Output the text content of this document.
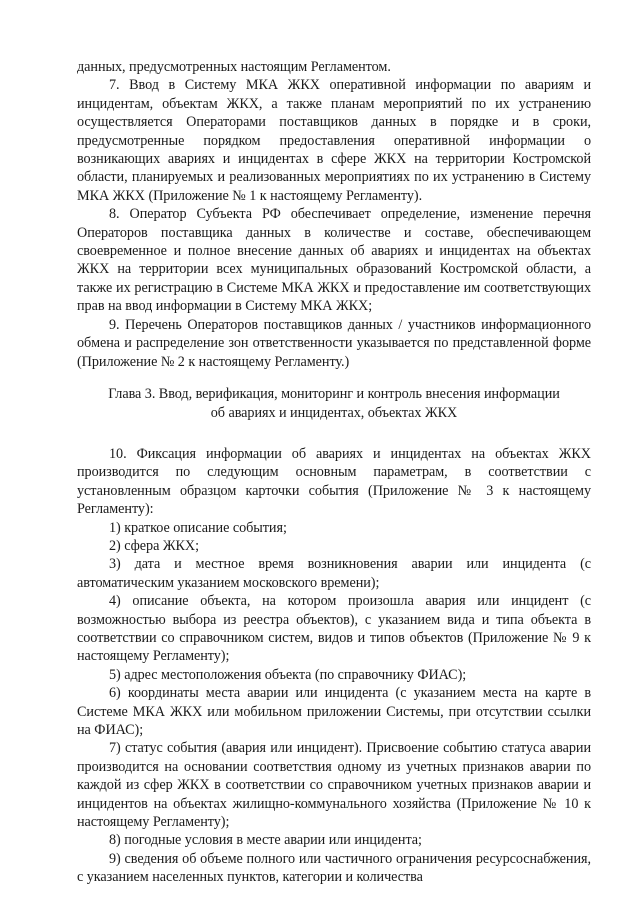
данных, предусмотренных настоящим Регламентом.

7. Ввод в Систему МКА ЖКХ оперативной информации по авариям и инцидентам, объектам ЖКХ, а также планам мероприятий по их устранению осуществляется Операторами поставщиков данных в порядке и в сроки, предусмотренные порядком предоставления оперативной информации о возникающих авариях и инцидентах в сфере ЖКХ на территории Костромской области, планируемых и реализованных мероприятиях по их устранению в Систему МКА ЖКХ (Приложение № 1 к настоящему Регламенту).

8. Оператор Субъекта РФ обеспечивает определение, изменение перечня Операторов поставщика данных в количестве и составе, обеспечивающем своевременное и полное внесение данных об авариях и инцидентах на объектах ЖКХ на территории всех муниципальных образований Костромской области, а также их регистрацию в Системе МКА ЖКХ и предоставление им соответствующих прав на ввод информации в Систему МКА ЖКХ;

9. Перечень Операторов поставщиков данных / участников информационного обмена и распределение зон ответственности указывается по представленной форме (Приложение № 2 к настоящему Регламенту.)

Глава 3. Ввод, верификация, мониторинг и контроль внесения информации
об авариях и инцидентах, объектах ЖКХ

10. Фиксация информации об авариях и инцидентах на объектах ЖКХ производится по следующим основным параметрам, в соответствии с установленным образцом карточки события (Приложение № 3 к настоящему Регламенту):

1) краткое описание события;

2) сфера ЖКХ;

3) дата и местное время возникновения аварии или инцидента (с автоматическим указанием московского времени);

4) описание объекта, на котором произошла авария или инцидент (с возможностью выбора из реестра объектов), с указанием вида и типа объекта в соответствии со справочником систем, видов и типов объектов (Приложение № 9 к настоящему Регламенту);

5) адрес местоположения объекта (по справочнику ФИАС);

6) координаты места аварии или инцидента (с указанием места на карте в Системе МКА ЖКХ или мобильном приложении Системы, при отсутствии ссылки на ФИАС);

7) статус события (авария или инцидент). Присвоение событию статуса аварии производится на основании соответствия одному из учетных признаков аварии по каждой из сфер ЖКХ в соответствии со справочником учетных признаков аварии и инцидентов на объектах жилищно-коммунального хозяйства (Приложение № 10 к настоящему Регламенту);

8) погодные условия в месте аварии или инцидента;

9) сведения об объеме полного или частичного ограничения ресурсоснабжения, с указанием населенных пунктов, категории и количества
